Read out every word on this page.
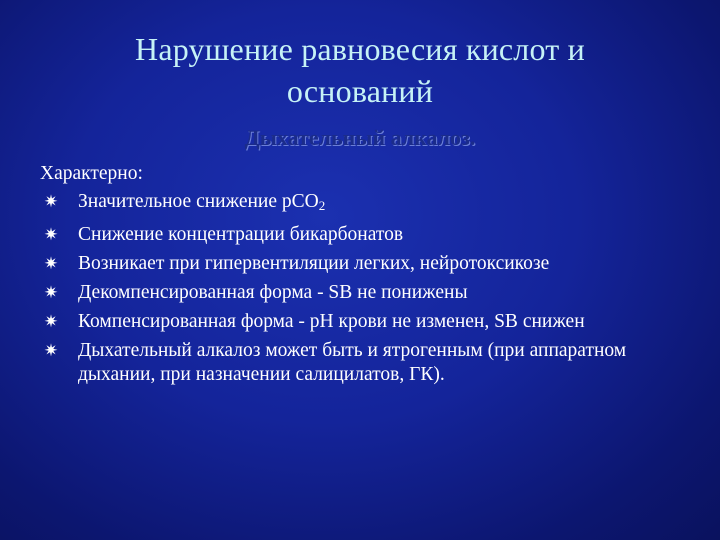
Нарушение равновесия кислот и оснований
Дыхательный алкалоз.
Характерно:
✷ Значительное снижение pCO$_2$
✷ Снижение концентрации бикарбонатов
✷ Возникает при гипервентиляции легких, нейротоксикозе
✷ Декомпенсированная форма - SB не понижены
✷ Компенсированная форма - pH крови не изменен, SB снижен
✷ Дыхательный алкалоз может быть и ятрогенным (при аппаратном дыхании, при назначении салицилатов, ГК).
